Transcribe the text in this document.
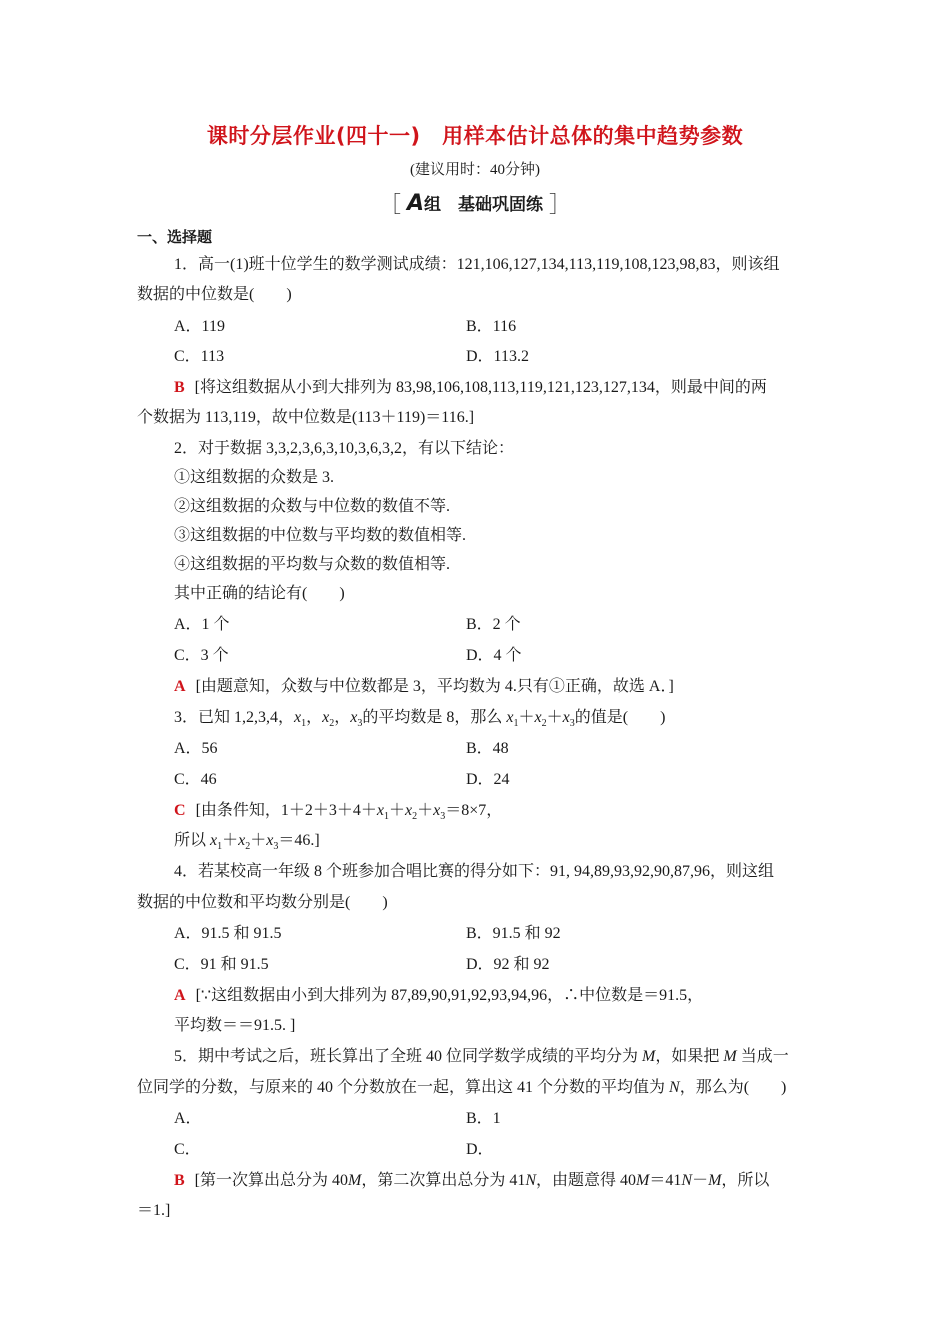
课时分层作业(四十一)　用样本估计总体的集中趋势参数
(建议用时：40分钟)
［ A组　基础巩固练 ］
一、选择题
1．高一(1)班十位学生的数学测试成绩：121,106,127,134,113,119,108,123,98,83，则该组
数据的中位数是(　　)
A．119	B．116
C．113	D．113.2
B [将这组数据从小到大排列为 83,98,106,108,113,119,121,123,127,134，则最中间的两
个数据为 113,119，故中位数是(113＋119)＝116.]
2．对于数据 3,3,2,3,6,3,10,3,6,3,2，有以下结论：
①这组数据的众数是 3.
②这组数据的众数与中位数的数值不等.
③这组数据的中位数与平均数的数值相等.
④这组数据的平均数与众数的数值相等.
其中正确的结论有(　　)
A．1 个	B．2 个
C．3 个	D．4 个
A [由题意知，众数与中位数都是 3，平均数为 4.只有①正确，故选 A．]
3．已知 1,2,3,4，$x_1$，$x_2$，$x_3$的平均数是 8，那么 $x_1+x_2+x_3$的值是(　　)
A．56	B．48
C．46	D．24
C [由条件知，$1+2+3+4+x_1+x_2+x_3=8\times 7$，
所以 $x_1+x_2+x_3=46$.]
4．若某校高一年级 8 个班参加合唱比赛的得分如下：91, 94,89,93,92,90,87,96，则这组
数据的中位数和平均数分别是(　　)
A．91.5 和 91.5	B．91.5 和 92
C．91 和 91.5	D．92 和 92
A [∵这组数据由小到大排列为 87,89,90,91,92,93,94,96，∴中位数是＝91.5，
平均数＝＝91.5. ]
5．期中考试之后，班长算出了全班 40 位同学数学成绩的平均分为 M，如果把 M 当成一
位同学的分数，与原来的 40 个分数放在一起，算出这 41 个分数的平均值为 N，那么为(　　)
A．	B．1
C．	D．
B [第一次算出总分为 40M，第二次算出总分为 41N，由题意得 40M＝41N－M，所以
＝1.]
